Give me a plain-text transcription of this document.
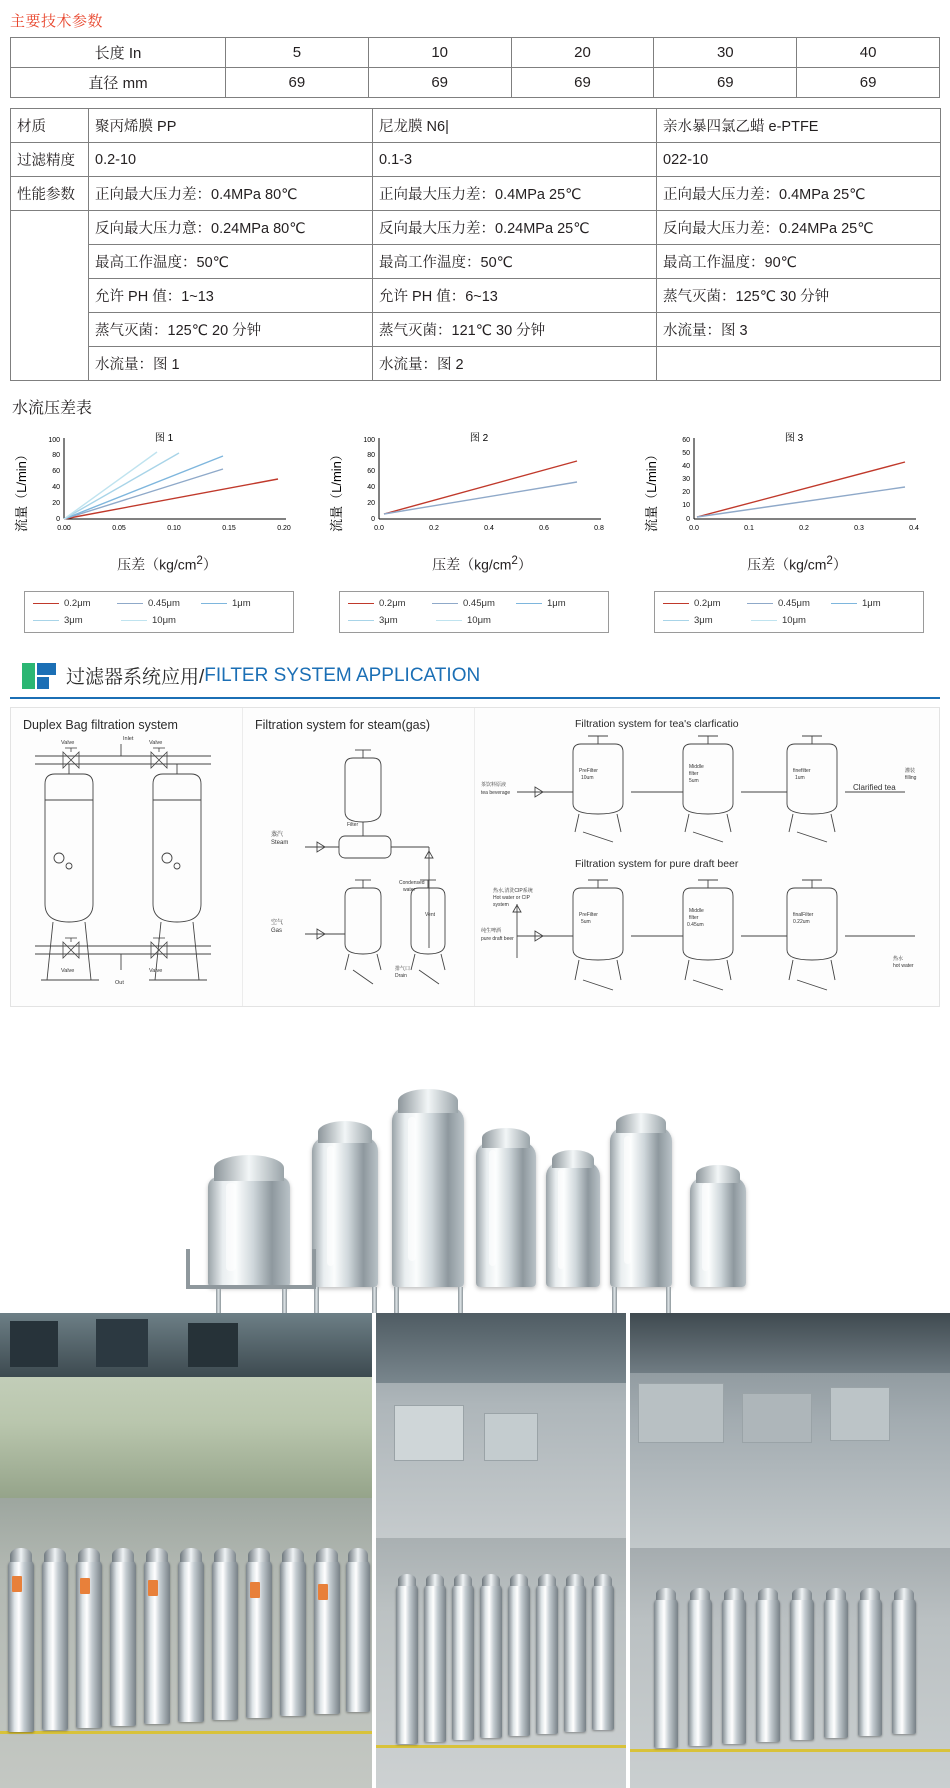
主要技术参数
长度 In	5	10	20	30	40
直径 mm	69	69	69	69	69
材质	聚丙烯膜 PP	尼龙膜 N6|	亲水暴四氯乙蜡 e-PTFE
过滤精度	0.2-10	0.1-3	022-10
性能参数	正向最大压力差：0.4MPa 80℃	正向最大压力差：0.4MPa 25℃	正向最大压力差：0.4MPa 25℃
	反向最大压力意：0.24MPa 80℃	反向最大压力差：0.24MPa 25℃	反向最大压力差：0.24MPa 25℃
	最高工作温度：50℃	最高工作温度：50℃	最高工作温度：90℃
	允许 PH 值：1~13	允许 PH 值：6~13	蒸气灭菌：125℃ 30 分钟
	蒸气灭菌：125℃ 20 分钟	蒸气灭菌：121℃ 30 分钟	水流量：图 3
	水流量：图 1	水流量：图 2	
水流压差表
流量（L/min）
图 1
100
80
60
40
20
0
0.00	0.05	0.10	0.15	0.20
压差$(kg/cm^2)$
0.2μm	0.45μm	1μm
3μm	10μm
流量（L/min）
图 2
100
80
60
40
20
0
0.0	0.2	0.4	0.6	0.8
压差$(kg/cm^2)$
0.2μm	0.45μm	1μm
3μm	10μm
流量（L/min）
图 3
60
50
40
30
20
10
0
0.0	0.1	0.2	0.3	0.4
压差$(kg/cm^2)$
0.2μm	0.45μm	1μm
3μm	10μm
过滤器系统应用/ FILTER SYSTEM APPLICATION
Duplex Bag filtration system
Valve	Valve
Inlet
Valve	Valve
Out
Filtration system for steam(gas)
蒸汽
Steam
空气
Gas
Condensed
water
排气口
Drain
Filter
Vent
Filtration system for tea's clarficatio
Filtration system for pure draft beer
PreFilter
10um
Middle
filter
5um
finefilter
1um
Clarified tea
茶饮料原液
tea beverage
PreFilter
5um
Middle
filter
0.45um
finalFilter
0.22um
纯生啤酒
pure draft beer
热水,清洗CIP系统
Hot water or CIP
system
热水
hot water
灌装
filling
